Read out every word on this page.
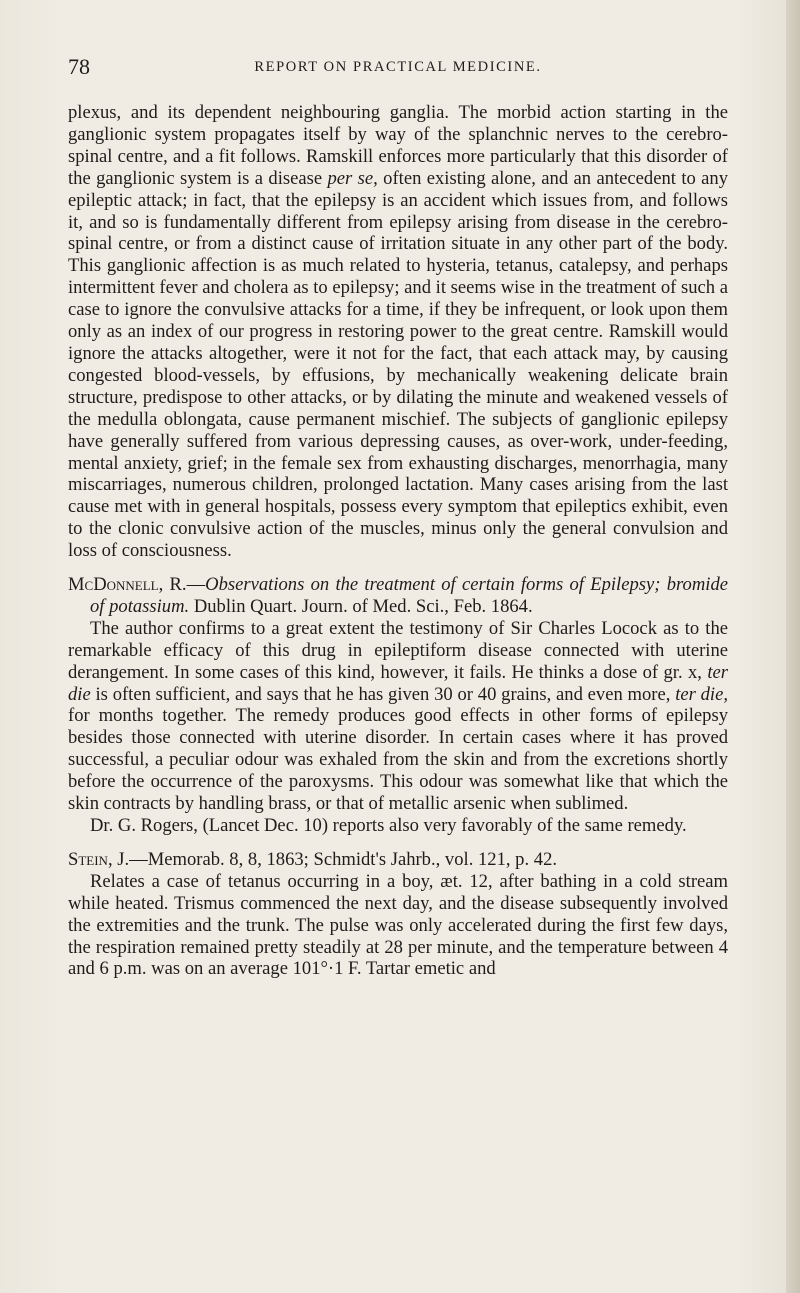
78	REPORT ON PRACTICAL MEDICINE.

plexus, and its dependent neighbouring ganglia. The morbid action starting in the ganglionic system propagates itself by way of the splanchnic nerves to the cerebro-spinal centre, and a fit follows. Ramskill enforces more particularly that this disorder of the ganglionic system is a disease per se, often existing alone, and an antecedent to any epileptic attack; in fact, that the epilepsy is an accident which issues from, and follows it, and so is fundamentally different from epilepsy arising from disease in the cerebro-spinal centre, or from a distinct cause of irritation situate in any other part of the body. This ganglionic affection is as much related to hysteria, tetanus, catalepsy, and perhaps intermittent fever and cholera as to epilepsy; and it seems wise in the treatment of such a case to ignore the convulsive attacks for a time, if they be infrequent, or look upon them only as an index of our progress in restoring power to the great centre. Ramskill would ignore the attacks altogether, were it not for the fact, that each attack may, by causing congested blood-vessels, by effusions, by mechanically weakening delicate brain structure, predispose to other attacks, or by dilating the minute and weakened vessels of the medulla oblongata, cause permanent mischief. The subjects of ganglionic epilepsy have generally suffered from various depressing causes, as over-work, under-feeding, mental anxiety, grief; in the female sex from exhausting discharges, menorrhagia, many miscarriages, numerous children, prolonged lactation. Many cases arising from the last cause met with in general hospitals, possess every symptom that epileptics exhibit, even to the clonic convulsive action of the muscles, minus only the general convulsion and loss of consciousness.

McDonnell, R.—Observations on the treatment of certain forms of Epilepsy; bromide of potassium. Dublin Quart. Journ. of Med. Sci., Feb. 1864.

The author confirms to a great extent the testimony of Sir Charles Locock as to the remarkable efficacy of this drug in epileptiform disease connected with uterine derangement. In some cases of this kind, however, it fails. He thinks a dose of gr. x, ter die is often sufficient, and says that he has given 30 or 40 grains, and even more, ter die, for months together. The remedy produces good effects in other forms of epilepsy besides those connected with uterine disorder. In certain cases where it has proved successful, a peculiar odour was exhaled from the skin and from the excretions shortly before the occurrence of the paroxysms. This odour was somewhat like that which the skin contracts by handling brass, or that of metallic arsenic when sublimed.

Dr. G. Rogers, (Lancet Dec. 10) reports also very favorably of the same remedy.

Stein, J.—Memorab. 8, 8, 1863; Schmidt's Jahrb., vol. 121, p. 42.

Relates a case of tetanus occurring in a boy, æt. 12, after bathing in a cold stream while heated. Trismus commenced the next day, and the disease subsequently involved the extremities and the trunk. The pulse was only accelerated during the first few days, the respiration remained pretty steadily at 28 per minute, and the temperature between 4 and 6 p.m. was on an average 101°·1 F. Tartar emetic and
